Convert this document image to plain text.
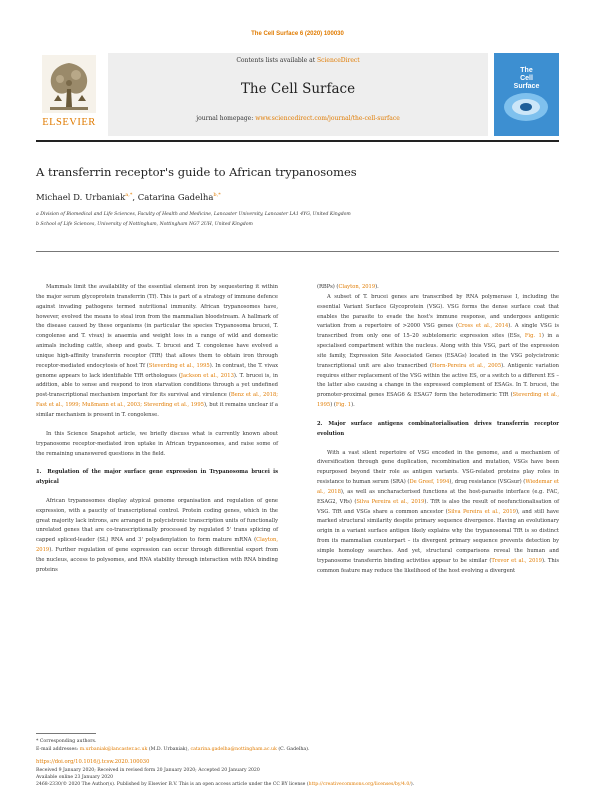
The Cell Surface 6 (2020) 100030
ELSEVIER
Contents lists available at ScienceDirect
The Cell Surface
journal homepage: www.sciencedirect.com/journal/the-cell-surface
The
Cell
Surface
A transferrin receptor's guide to African trypanosomes
Michael D. Urbaniak$^{a,*}$, Catarina Gadelha$^{b,*}$
a Division of Biomedical and Life Sciences, Faculty of Health and Medicine, Lancaster University, Lancaster LA1 4YG, United Kingdom
b School of Life Sciences, University of Nottingham, Nottingham NG7 2UH, United Kingdom

Mammals limit the availability of the essential element iron by sequestering it within the major serum glycoprotein transferrin (Tf). This is part of a strategy of immune defence against invading pathogens termed nutritional immunity. African trypanosomes have, however, evolved the means to steal iron from the mammalian bloodstream. A hallmark of the disease caused by these organisms (in particular the species Trypanosoma brucei, T. congolense and T. vivax) is anaemia and weight loss in a range of wild and domestic animals including cattle, sheep and goats. T. brucei and T. congolense have evolved a unique high-affinity transferrin receptor (TfR) that allows them to obtain iron through receptor-mediated endocytosis of host Tf (Steverding et al., 1995). In contrast, the T. vivax genome appears to lack identifiable TfR orthologues (Jackson et al., 2013). T. brucei is, in addition, able to sense and respond to iron starvation conditions through a yet undefined post-transcriptional mechanism important for its survival and virulence (Benz et al., 2018; Fast et al., 1999; Mußmann et al., 2003; Steverding et al., 1995), but it remains unclear if a similar mechanism is present in T. congolense.

In this Science Snapshot article, we briefly discuss what is currently known about trypanosome receptor-mediated iron uptake in African trypanosomes, and raise some of the remaining unanswered questions in the field.

1. Regulation of the major surface gene expression in Trypanosoma brucei is atypical

African trypanosomes display atypical genome organisation and regulation of gene expression, with a paucity of transcriptional control. Protein coding genes, which in the great majority lack introns, are arranged in polycistronic transcription units of functionally unrelated genes that are co-transcriptionally processed by regulated 5' trans splicing of capped spliced-leader (SL) RNA and 3' polyadenylation to form mature mRNA (Clayton, 2019). Further regulation of gene expression can occur through differential export from the nucleus, access to polysomes, and RNA stability through interaction with RNA binding proteins

(RBPs) (Clayton, 2019).

A subset of T. brucei genes are transcribed by RNA polymerase I, including the essential Variant Surface Glycoprotein (VSG). VSG forms the dense surface coat that enables the parasite to evade the host's immune response, and undergoes antigenic variation from a repertoire of >2000 VSG genes (Cross et al., 2014). A single VSG is transcribed from only one of 15–20 subtelomeric expression sites (ESs, Fig. 1) in a specialised compartment within the nucleus. Along with this VSG, part of the expression site family, Expression Site Associated Genes (ESAGs) located in the VSG polycistronic transcriptional unit are also transcribed (Horn-Pereira et al., 2005). Antigenic variation requires either replacement of the VSG within the active ES, or a switch to a different ES – the latter also causing a change in the expressed complement of ESAGs. In T. brucei, the promoter-proximal genes ESAG6 & ESAG7 form the heterodimeric TfR (Steverding et al., 1995) (Fig. 1).

2. Major surface antigens combinatorialisation drives transferrin receptor evolution

With a vast silent repertoire of VSG encoded in the genome, and a mechanism of diversification through gene duplication, recombination and mutation, VSGs have been repurposed beyond their role as antigen variants. VSG-related proteins play roles in resistance to human serum (SRA) (De Greef, 1994), drug resistance (VSGsur) (Wiedemar et al., 2018), as well as uncharacterised functions at the host-parasite interface (e.g. FAC, ESAG2, VRs) (Silva Pereira et al., 2019). TfR is also the result of neofunctionalisation of VSG. TfR and VSGs share a common ancestor (Silva Pereira et al., 2019), and still have marked structural similarity despite primary sequence divergence. Having an evolutionary origin in a variant surface antigen likely explains why the trypanosomal TfR is so distinct from its mammalian counterpart – its divergent primary sequence prevents detection by simple homology searches. And yet, structural comparisons reveal the human and trypanosome transferrin binding activities appear to be similar (Trevor et al., 2019). This common feature may reduce the likelihood of the host evolving a divergent

* Corresponding authors.
E-mail addresses: m.urbaniak@lancaster.ac.uk (M.D. Urbaniak), catarina.gadelha@nottingham.ac.uk (C. Gadelha).
https://doi.org/10.1016/j.tcsw.2020.100030
Received 9 January 2020; Received in revised form 20 January 2020; Accepted 20 January 2020
Available online 23 January 2020
2468-2330/© 2020 The Author(s). Published by Elsevier B.V. This is an open access article under the CC BY license (http://creativecommons.org/licenses/by/4.0/).
